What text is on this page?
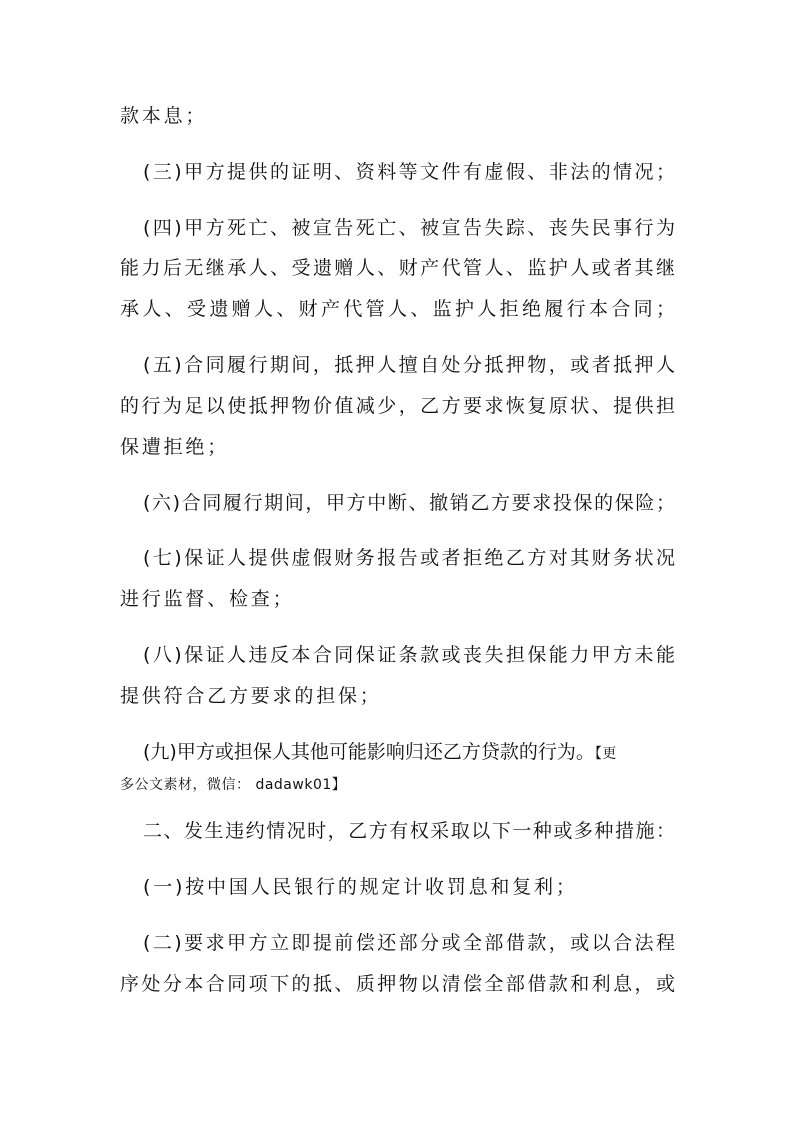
款本息；
(三)甲方提供的证明、资料等文件有虚假、非法的情况；
(四)甲方死亡、被宣告死亡、被宣告失踪、丧失民事行为
能力后无继承人、受遗赠人、财产代管人、监护人或者其继
承人、受遗赠人、财产代管人、监护人拒绝履行本合同；
(五)合同履行期间，抵押人擅自处分抵押物，或者抵押人
的行为足以使抵押物价值减少，乙方要求恢复原状、提供担
保遭拒绝；
(六)合同履行期间，甲方中断、撤销乙方要求投保的保险；
(七)保证人提供虚假财务报告或者拒绝乙方对其财务状况
进行监督、检查；
(八)保证人违反本合同保证条款或丧失担保能力甲方未能
提供符合乙方要求的担保；
(九)甲方或担保人其他可能影响归还乙方贷款的行为。【更
多公文素材，微信： dadawk01】
二、发生违约情况时，乙方有权采取以下一种或多种措施：
(一)按中国人民银行的规定计收罚息和复利；
(二)要求甲方立即提前偿还部分或全部借款，或以合法程
序处分本合同项下的抵、质押物以清偿全部借款和利息，或
